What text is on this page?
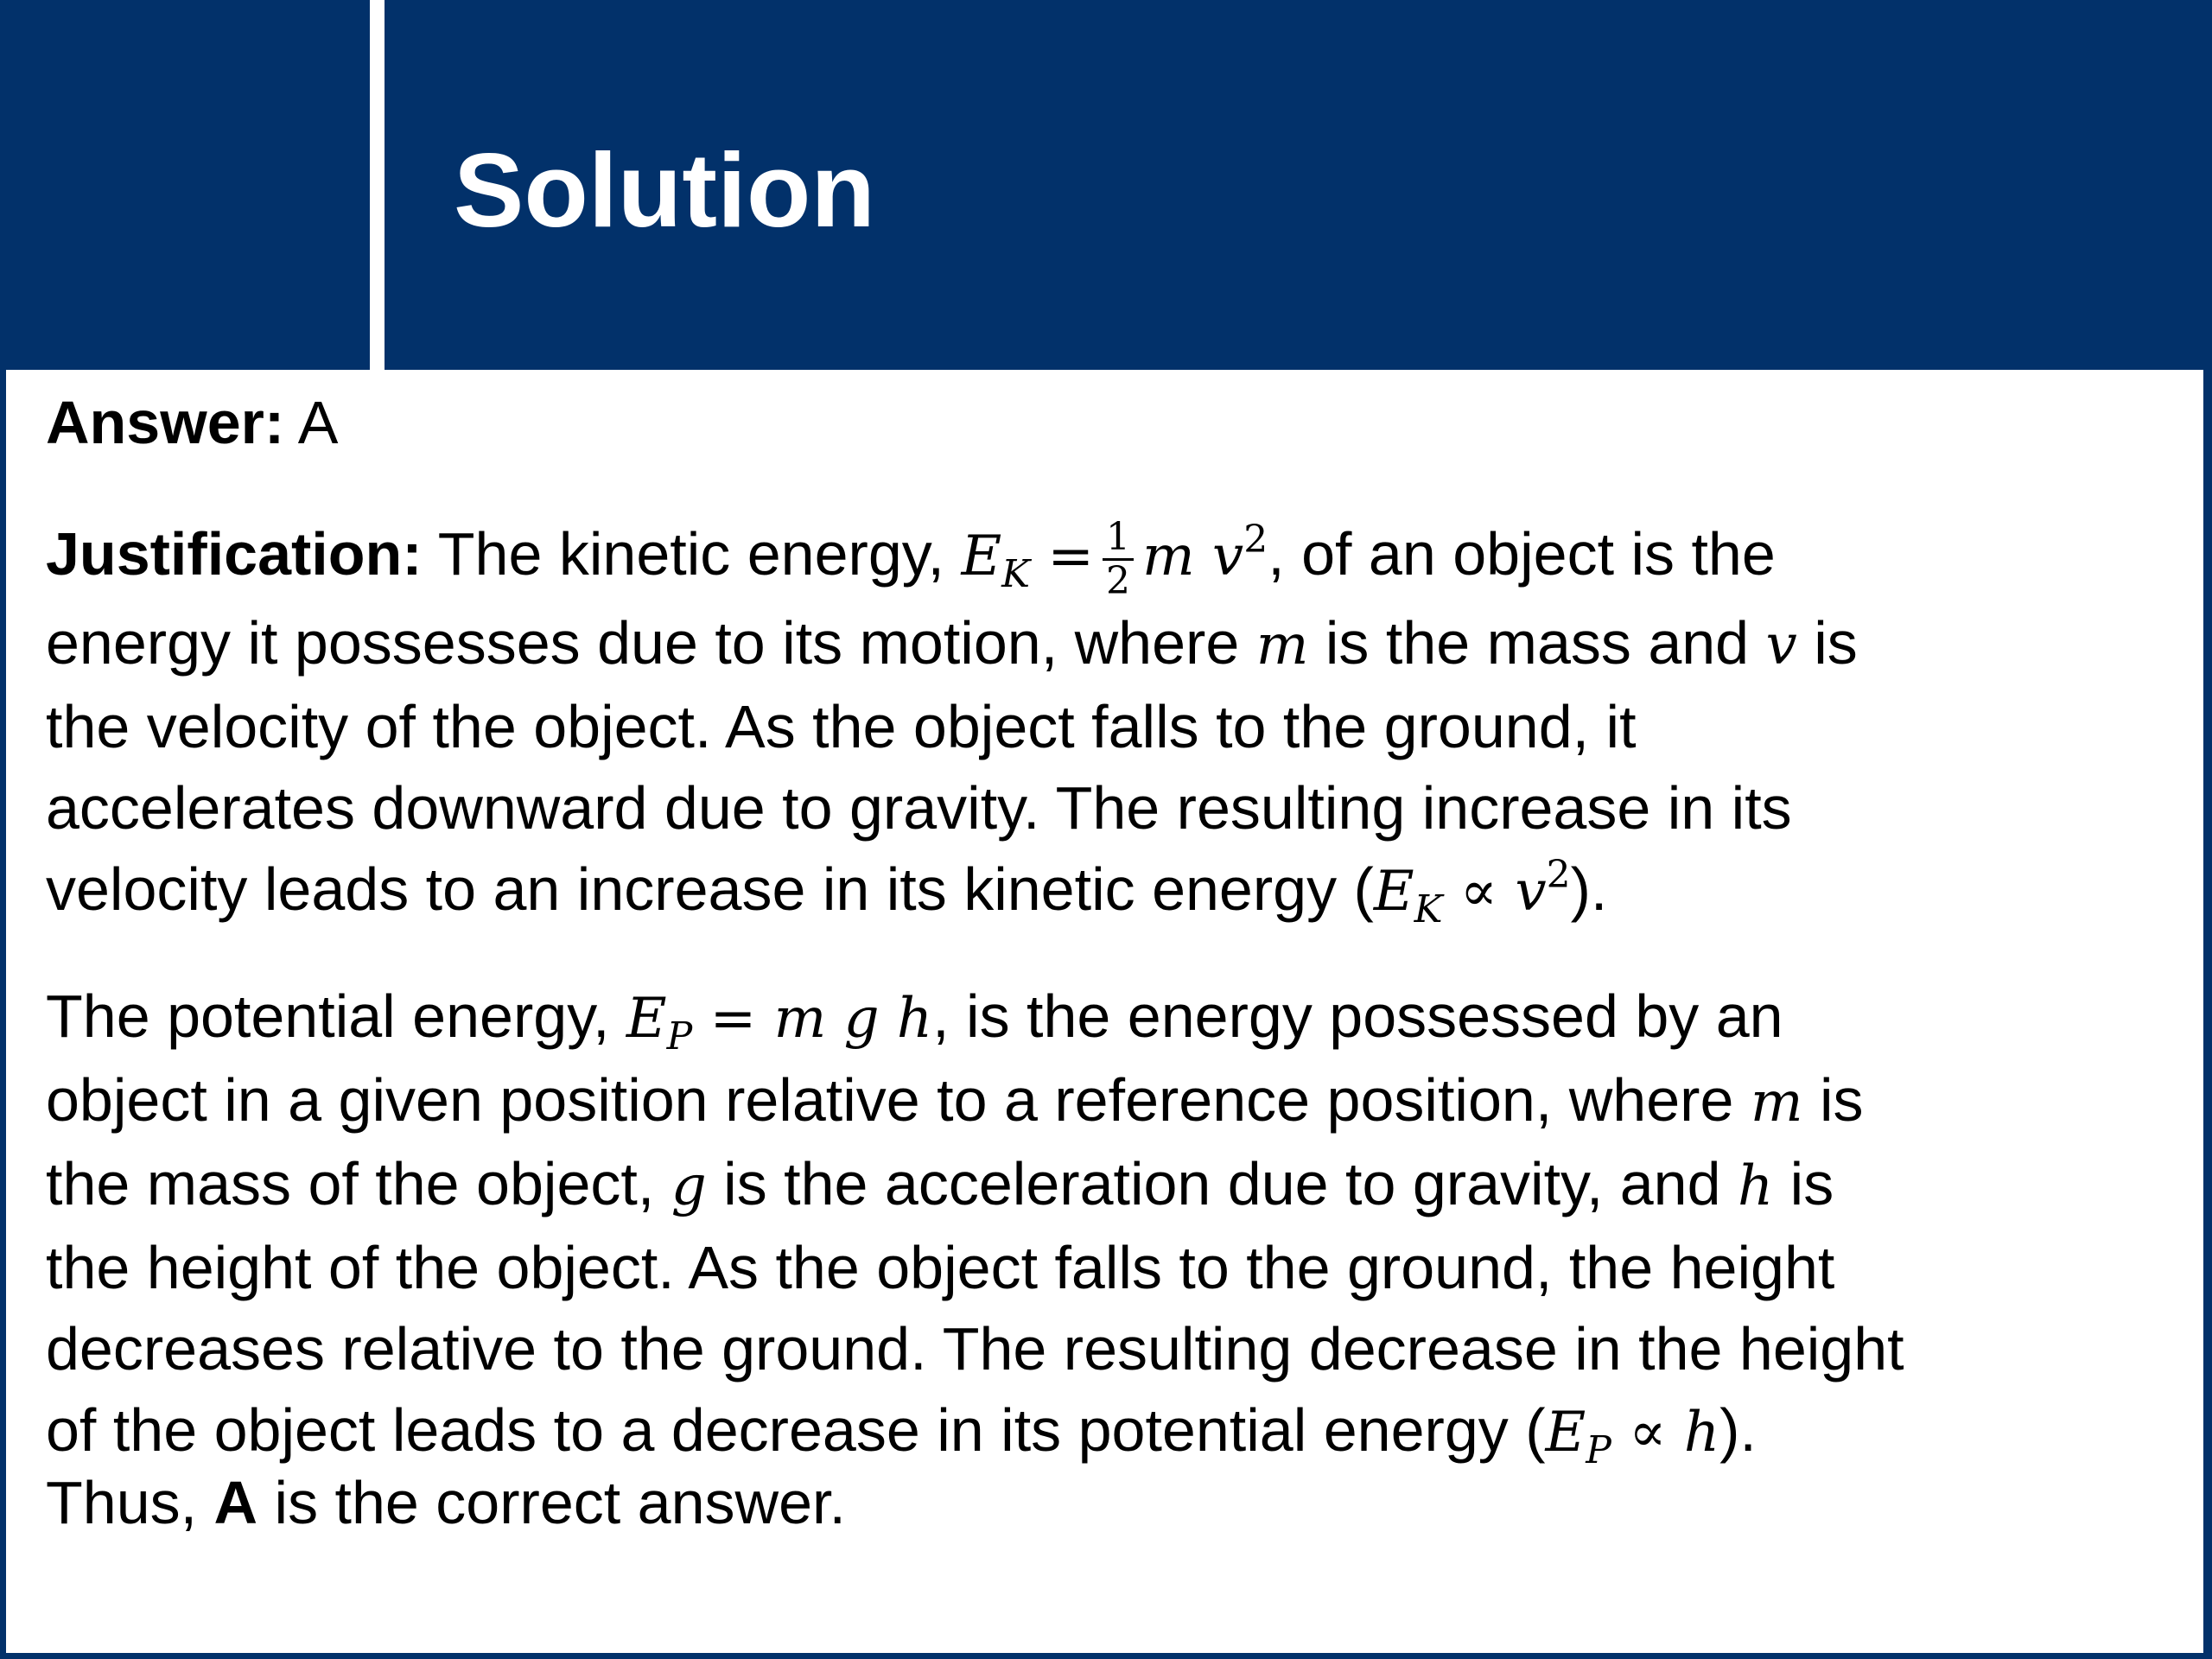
Solution

Answer: A

Justification: The kinetic energy, $E_K = \frac{1}{2}$ m $v^2$, of an object is the

energy it possesses due to its motion, where m is the mass and v is

the velocity of the object. As the object falls to the ground, it

accelerates downward due to gravity. The resulting increase in its

velocity leads to an increase in its kinetic energy $(E_K \propto v^2)$.

The potential energy, $E_P = m$ g h, is the energy possessed by an

object in a given position relative to a reference position, where m is

the mass of the object, g is the acceleration due to gravity, and h is

the height of the object. As the object falls to the ground, the height

decreases relative to the ground. The resulting decrease in the height

of the object leads to a decrease in its potential energy $(E_P \propto h)$.

Thus, A is the correct answer.
